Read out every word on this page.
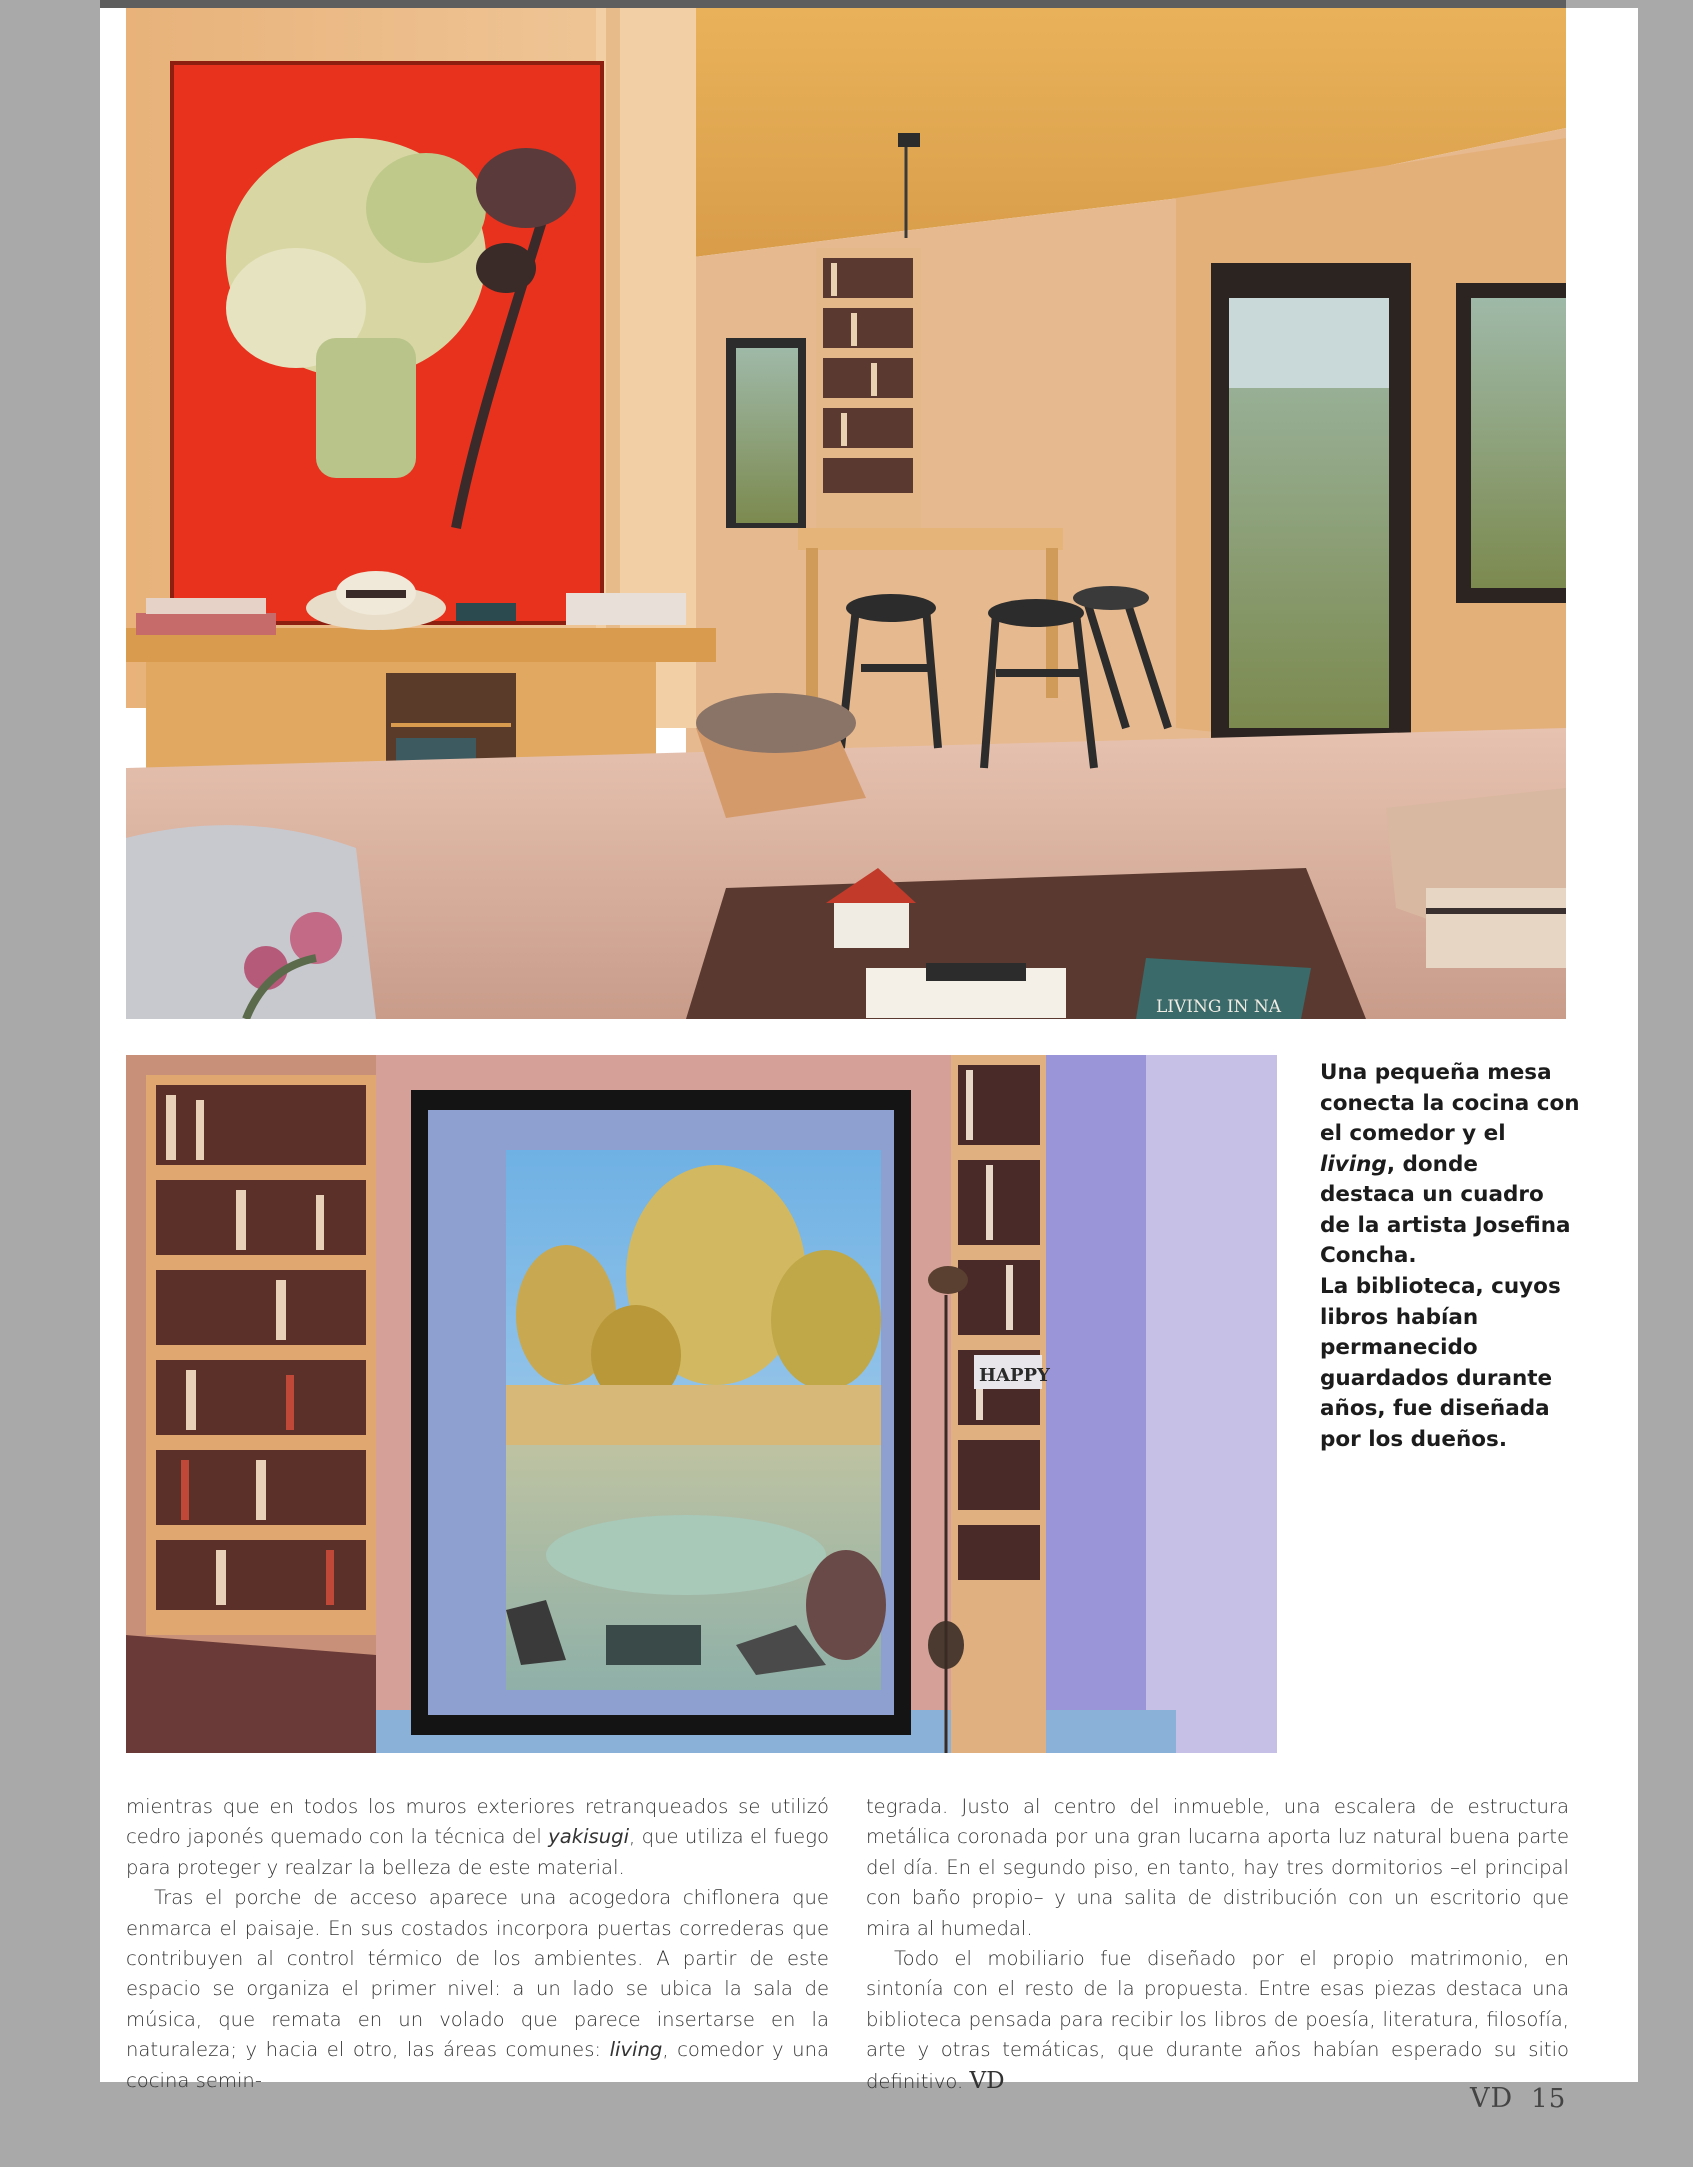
LIVING IN NA
HAPPY

Una pequeña mesa conecta la cocina con el comedor y el living, donde destaca un cuadro de la artista Josefina Concha.

La biblioteca, cuyos libros habían permanecido guardados durante años, fue diseñada por los dueños.

mientras que en todos los muros exteriores retranqueados se utilizó cedro japonés quemado con la técnica del yakisugi, que utiliza el fuego para proteger y realzar la belleza de este material.

Tras el porche de acceso aparece una acogedora chiflonera que enmarca el paisaje. En sus costados incorpora puertas correderas que contribuyen al control térmico de los ambientes. A partir de este espacio se organiza el primer nivel: a un lado se ubica la sala de música, que remata en un volado que parece insertarse en la naturaleza; y hacia el otro, las áreas comunes: living, comedor y una cocina semin-

tegrada. Justo al centro del inmueble, una escalera de estructura metálica coronada por una gran lucarna aporta luz natural buena parte del día. En el segundo piso, en tanto, hay tres dormitorios –el principal con baño propio– y una salita de distribución con un escritorio que mira al humedal.

Todo el mobiliario fue diseñado por el propio matrimonio, en sintonía con el resto de la propuesta. Entre esas piezas destaca una biblioteca pensada para recibir los libros de poesía, literatura, filosofía, arte y otras temáticas, que durante años habían esperado su sitio definitivo. VD

VD 15
